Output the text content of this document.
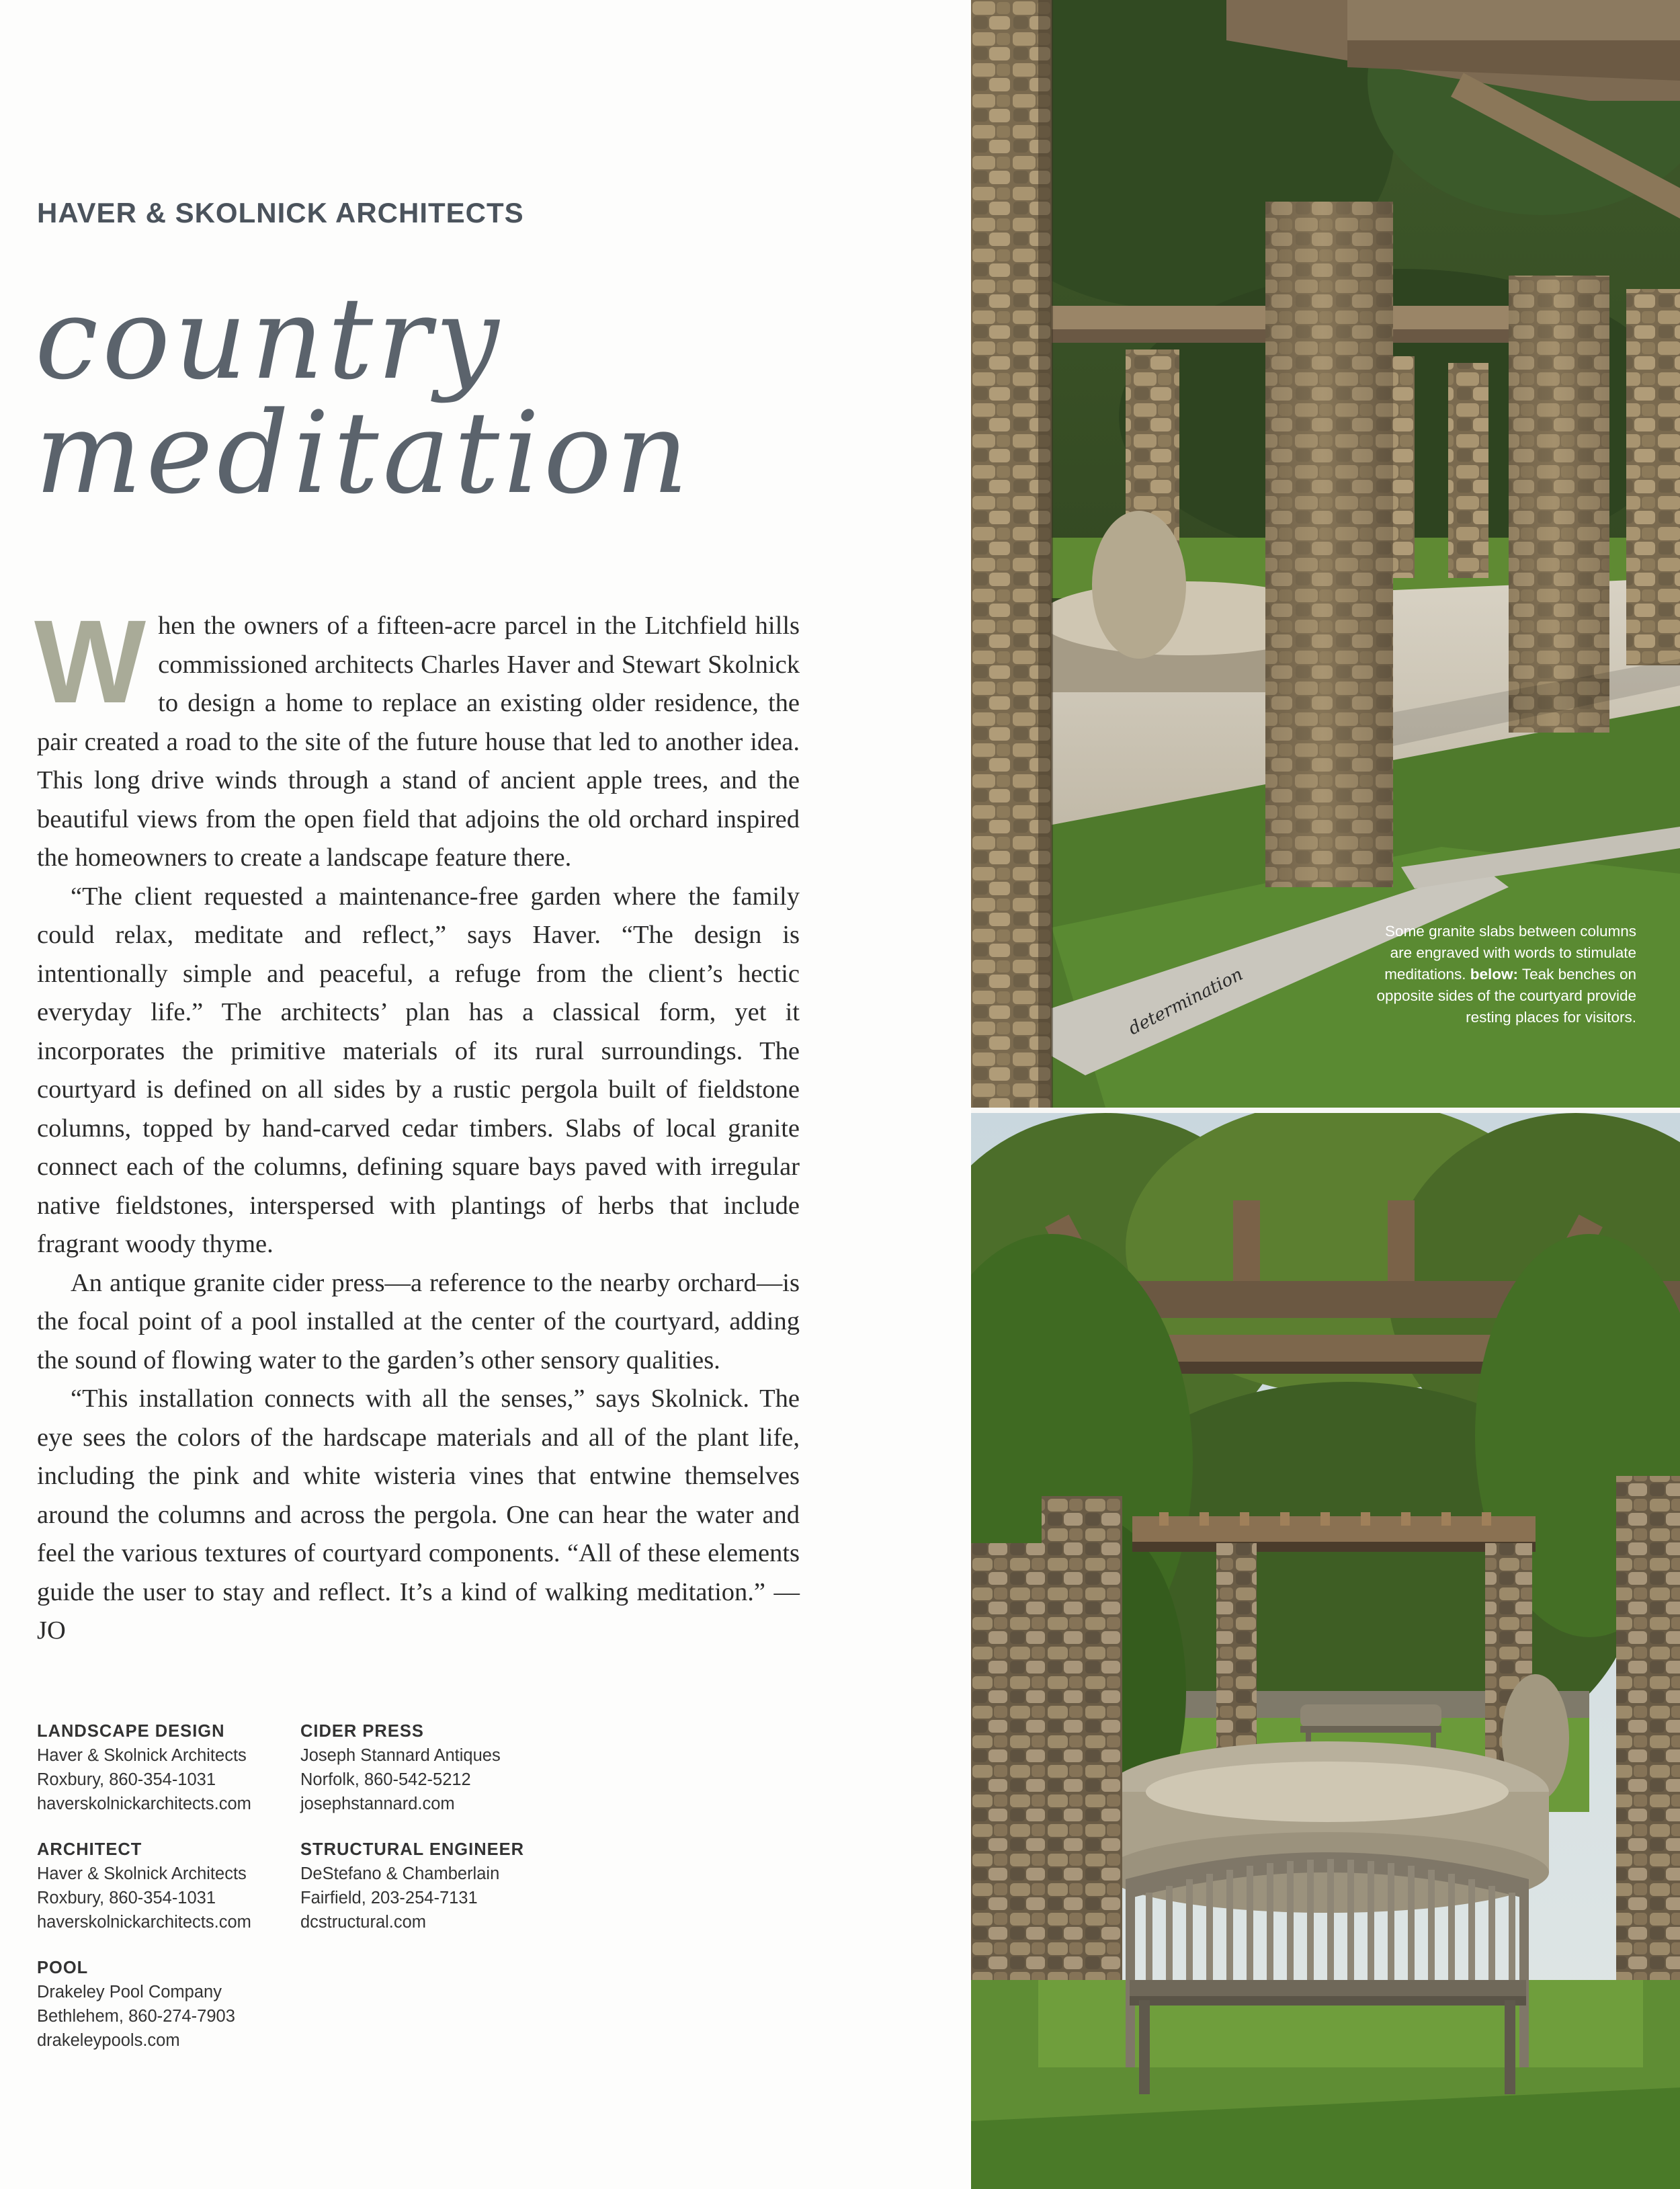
HAVER & SKOLNICK ARCHITECTS
country
meditation

When the owners of a fifteen-acre parcel in the Litchfield hills commissioned architects Charles Haver and Stewart Skolnick to design a home to replace an existing older residence, the pair created a road to the site of the future house that led to another idea. This long drive winds through a stand of ancient apple trees, and the beautiful views from the open field that adjoins the old orchard inspired the homeowners to create a landscape feature there.

“The client requested a maintenance-free garden where the family could relax, meditate and reflect,” says Haver. “The design is intentionally simple and peaceful, a refuge from the client’s hectic everyday life.” The architects’ plan has a classical form, yet it incorporates the primitive materials of its rural surroundings. The courtyard is defined on all sides by a rustic pergola built of fieldstone columns, topped by hand-carved cedar timbers. Slabs of local granite connect each of the columns, defining square bays paved with irregular native fieldstones, interspersed with plantings of herbs that include fragrant woody thyme.

An antique granite cider press—a reference to the nearby orchard—is the focal point of a pool installed at the center of the courtyard, adding the sound of flowing water to the garden’s other sensory qualities.

“This installation connects with all the senses,” says Skolnick. The eye sees the colors of the hardscape materials and all of the plant life, including the pink and white wisteria vines that entwine themselves around the columns and across the pergola. One can hear the water and feel the various textures of courtyard components. “All of these elements guide the user to stay and reflect. It’s a kind of walking meditation.” —JO

LANDSCAPE DESIGN
Haver & Skolnick Architects
Roxbury, 860-354-1031
haverskolnickarchitects.com
CIDER PRESS
Joseph Stannard Antiques
Norfolk, 860-542-5212
josephstannard.com
ARCHITECT
Haver & Skolnick Architects
Roxbury, 860-354-1031
haverskolnickarchitects.com
STRUCTURAL ENGINEER
DeStefano & Chamberlain
Fairfield, 203-254-7131
dcstructural.com
POOL
Drakeley Pool Company
Bethlehem, 860-274-7903
drakeleypools.com
determination
Some granite slabs between columns are engraved with words to stimulate meditations. below: Teak benches on opposite sides of the courtyard provide resting places for visitors.
